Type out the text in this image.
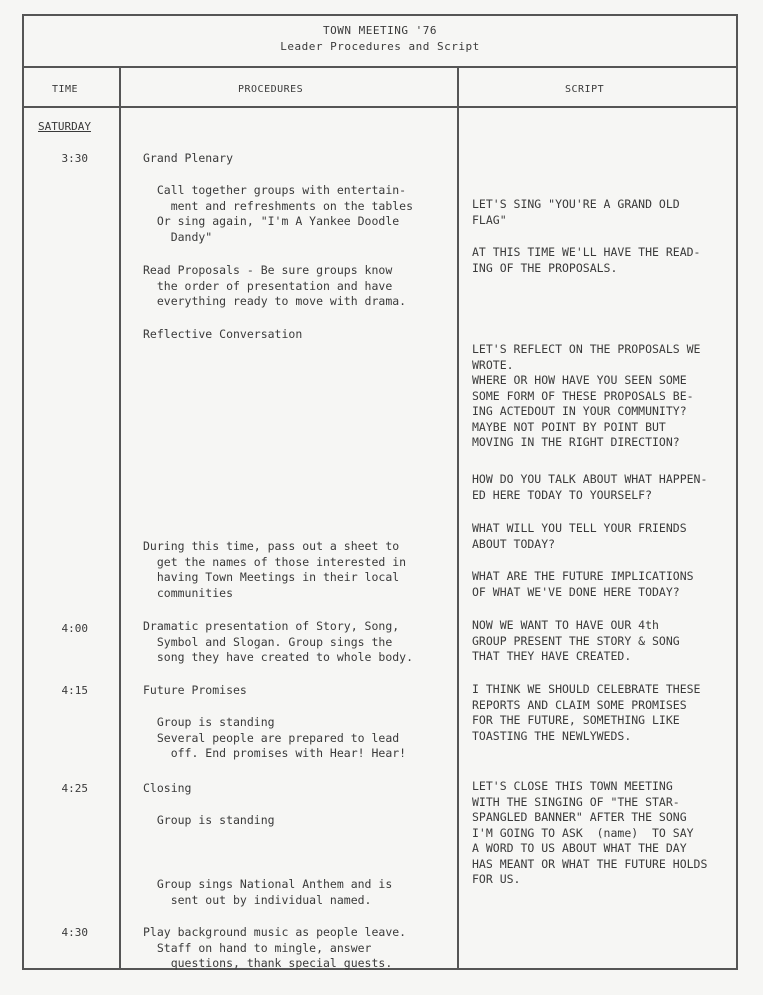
TOWN MEETING '76
Leader Procedures and Script
TIME	PROCEDURES	SCRIPT
SATURDAY
3:30
4:00
4:15
4:25
4:30
Grand Plenary
Call together groups with entertain-
ment and refreshments on the tables
Or sing again, "I'm A Yankee Doodle
Dandy"
Read Proposals - Be sure groups know
the order of presentation and have
everything ready to move with drama.
Reflective Conversation
During this time, pass out a sheet to
get the names of those interested in
having Town Meetings in their local
communities
Dramatic presentation of Story, Song,
Symbol and Slogan. Group sings the
song they have created to whole body.
Future Promises
Group is standing
Several people are prepared to lead
off. End promises with Hear! Hear!
Closing
Group is standing
Group sings National Anthem and is
sent out by individual named.
Play background music as people leave.
Staff on hand to mingle, answer
questions, thank special guests.
LET'S SING "YOU'RE A GRAND OLD
FLAG"
AT THIS TIME WE'LL HAVE THE READ-
ING OF THE PROPOSALS.
LET'S REFLECT ON THE PROPOSALS WE
WROTE.
WHERE OR HOW HAVE YOU SEEN SOME
SOME FORM OF THESE PROPOSALS BE-
ING ACTEDOUT IN YOUR COMMUNITY?
MAYBE NOT POINT BY POINT BUT
MOVING IN THE RIGHT DIRECTION?
HOW DO YOU TALK ABOUT WHAT HAPPEN-
ED HERE TODAY TO YOURSELF?
WHAT WILL YOU TELL YOUR FRIENDS
ABOUT TODAY?
WHAT ARE THE FUTURE IMPLICATIONS
OF WHAT WE'VE DONE HERE TODAY?
NOW WE WANT TO HAVE OUR 4th
GROUP PRESENT THE STORY & SONG
THAT THEY HAVE CREATED.
I THINK WE SHOULD CELEBRATE THESE
REPORTS AND CLAIM SOME PROMISES
FOR THE FUTURE, SOMETHING LIKE
TOASTING THE NEWLYWEDS.
LET'S CLOSE THIS TOWN MEETING
WITH THE SINGING OF "THE STAR-
SPANGLED BANNER" AFTER THE SONG
I'M GOING TO ASK  (name)  TO SAY
A WORD TO US ABOUT WHAT THE DAY
HAS MEANT OR WHAT THE FUTURE HOLDS
FOR US.
